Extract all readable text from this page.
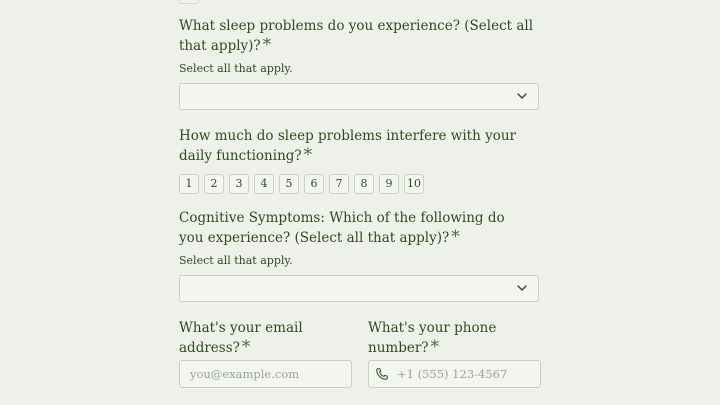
What sleep problems do you experience? (Select all that apply)? *

Select all that apply.

How much do sleep problems interfere with your daily functioning? *

1	2	3	4	5	6	7	8	9	10

Cognitive Symptoms: Which of the following do you experience? (Select all that apply)? *

Select all that apply.

What's your email address? *

you@example.com

What's your phone number? *

+1 (555) 123-4567
